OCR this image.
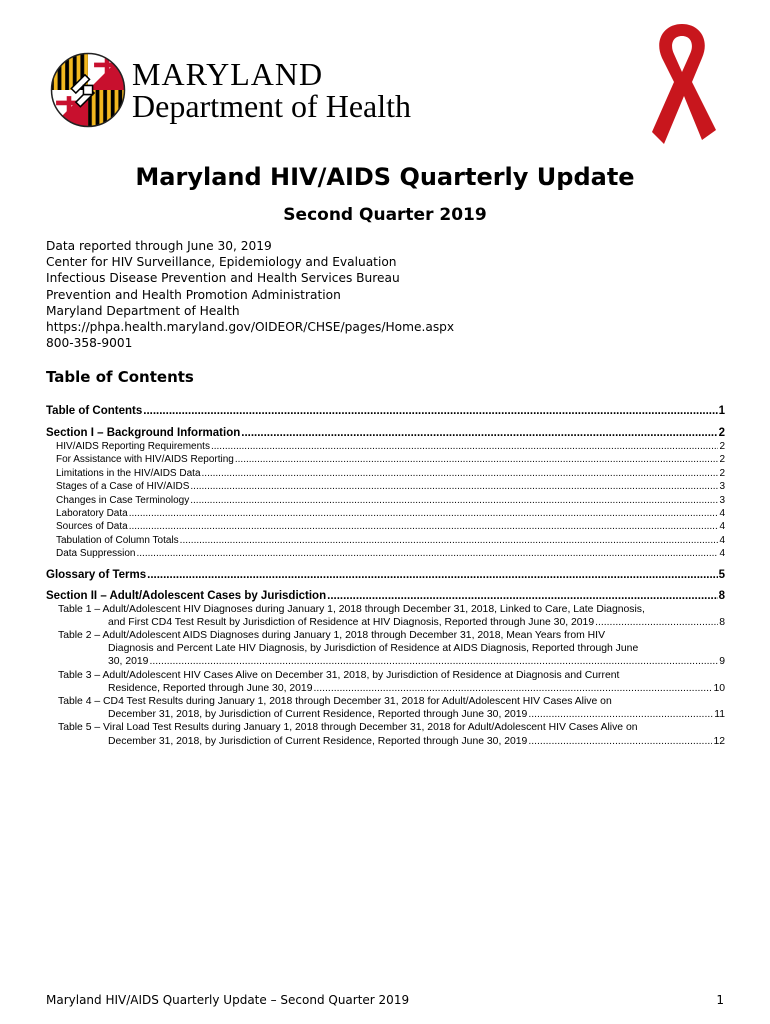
MARYLAND
Department of Health
Maryland HIV/AIDS Quarterly Update
Second Quarter 2019
Data reported through June 30, 2019
Center for HIV Surveillance, Epidemiology and Evaluation
Infectious Disease Prevention and Health Services Bureau
Prevention and Health Promotion Administration
Maryland Department of Health
https://phpa.health.maryland.gov/OIDEOR/CHSE/pages/Home.aspx
800-358-9001
Table of Contents
Table of Contents .....	1
Section I – Background Information .....	2
HIV/AIDS Reporting Requirements .....	2
For Assistance with HIV/AIDS Reporting .....	2
Limitations in the HIV/AIDS Data .....	2
Stages of a Case of HIV/AIDS .....	3
Changes in Case Terminology .....	3
Laboratory Data .....	4
Sources of Data .....	4
Tabulation of Column Totals .....	4
Data Suppression .....	4
Glossary of Terms .....	5
Section II – Adult/Adolescent Cases by Jurisdiction .....	8
Table 1 – Adult/Adolescent HIV Diagnoses during January 1, 2018 through December 31, 2018, Linked to Care, Late Diagnosis,
and First CD4 Test Result by Jurisdiction of Residence at HIV Diagnosis, Reported through June 30, 2019 .....	8
Table 2 – Adult/Adolescent AIDS Diagnoses during January 1, 2018 through December 31, 2018, Mean Years from HIV
Diagnosis and Percent Late HIV Diagnosis, by Jurisdiction of Residence at AIDS Diagnosis, Reported through June
30, 2019 .....	9
Table 3 – Adult/Adolescent HIV Cases Alive on December 31, 2018, by Jurisdiction of Residence at Diagnosis and Current
Residence, Reported through June 30, 2019 .....	10
Table 4 – CD4 Test Results during January 1, 2018 through December 31, 2018 for Adult/Adolescent HIV Cases Alive on
December 31, 2018, by Jurisdiction of Current Residence, Reported through June 30, 2019 .....	11
Table 5 – Viral Load Test Results during January 1, 2018 through December 31, 2018 for Adult/Adolescent HIV Cases Alive on
December 31, 2018, by Jurisdiction of Current Residence, Reported through June 30, 2019 .....	12
Maryland HIV/AIDS Quarterly Update – Second Quarter 2019	1
